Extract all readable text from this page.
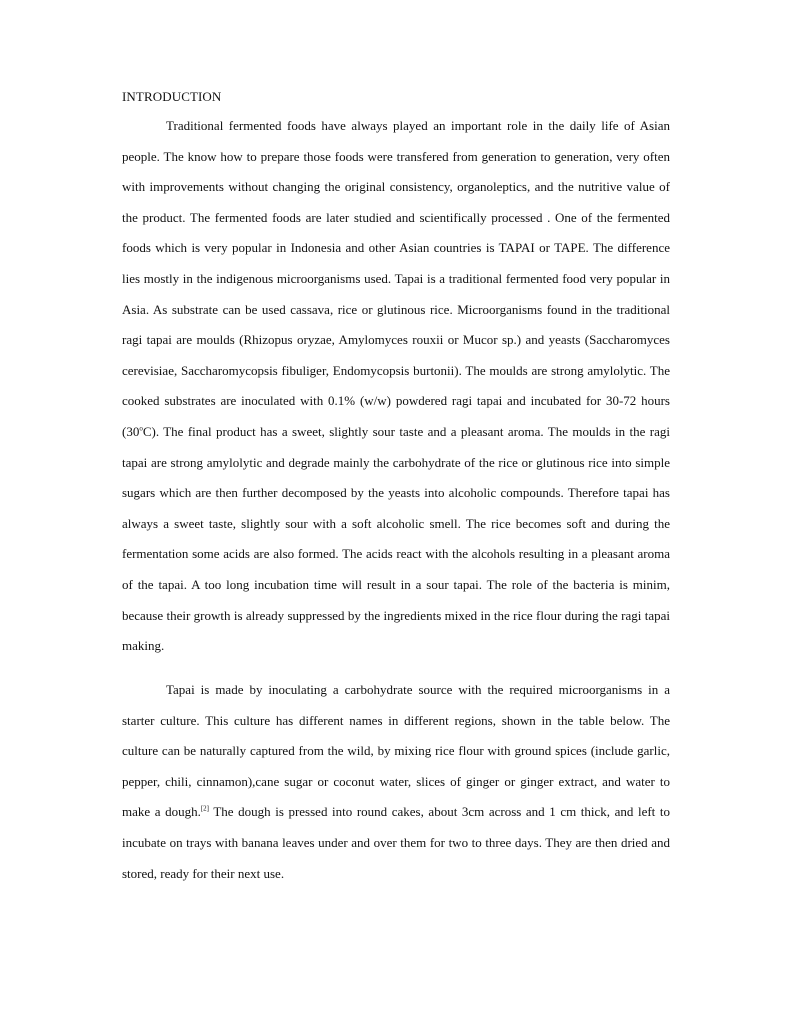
INTRODUCTION

Traditional fermented foods have always played an important role in the daily life of Asian people. The know how to prepare those foods were transfered from generation to generation, very often with improvements without changing the original consistency, organoleptics, and the nutritive value of the product. The fermented foods are later studied and scientifically processed . One of the fermented foods which is very popular in Indonesia and other Asian countries is TAPAI or TAPE. The difference lies mostly in the indigenous microorganisms used. Tapai is a traditional fermented food very popular in Asia. As substrate can be used cassava, rice or glutinous rice. Microorganisms found in the traditional ragi tapai are moulds (Rhizopus oryzae, Amylomyces rouxii or Mucor sp.) and yeasts (Saccharomyces cerevisiae, Saccharomycopsis fibuliger, Endomycopsis burtonii). The moulds are strong amylolytic. The cooked substrates are inoculated with 0.1% (w/w) powdered ragi tapai and incubated for 30-72 hours (30$^o$C). The final product has a sweet, slightly sour taste and a pleasant aroma. The moulds in the ragi tapai are strong amylolytic and degrade mainly the carbohydrate of the rice or glutinous rice into simple sugars which are then further decomposed by the yeasts into alcoholic compounds. Therefore tapai has always a sweet taste, slightly sour with a soft alcoholic smell. The rice becomes soft and during the fermentation some acids are also formed. The acids react with the alcohols resulting in a pleasant aroma of the tapai. A too long incubation time will result in a sour tapai. The role of the bacteria is minim, because their growth is already suppressed by the ingredients mixed in the rice flour during the ragi tapai making.

Tapai is made by inoculating a carbohydrate source with the required microorganisms in a starter culture. This culture has different names in different regions, shown in the table below. The culture can be naturally captured from the wild, by mixing rice flour with ground spices (include garlic, pepper, chili, cinnamon),cane sugar or coconut water, slices of ginger or ginger extract, and water to make a dough.[2] The dough is pressed into round cakes, about 3cm across and 1 cm thick, and left to incubate on trays with banana leaves under and over them for two to three days. They are then dried and stored, ready for their next use.
